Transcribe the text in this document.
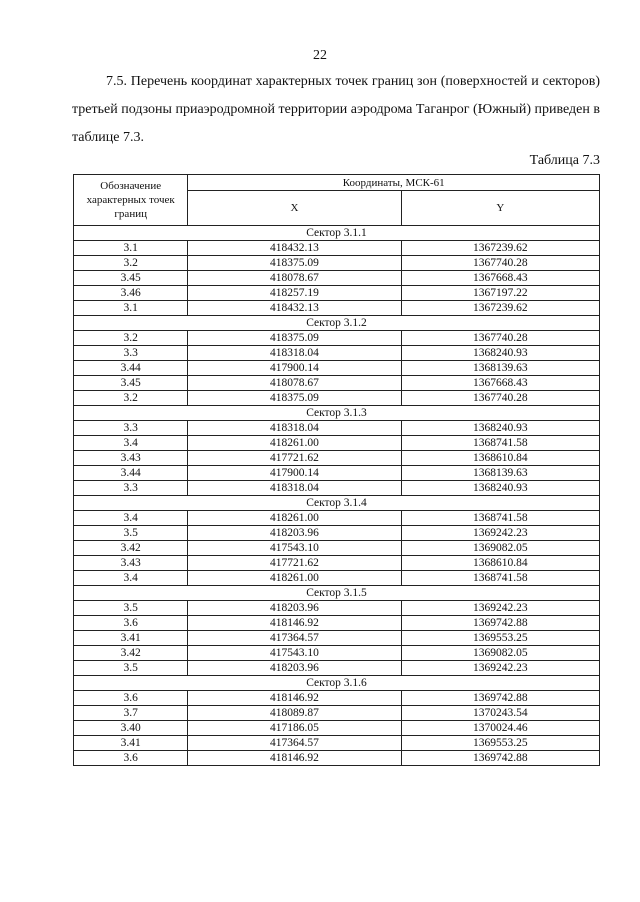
22
7.5. Перечень координат характерных точек границ зон (поверхностей и секторов) третьей подзоны приаэродромной территории аэродрома Таганрог (Южный) приведен в таблице 7.3.
Таблица 7.3
Обозначение характерных точек границ	Координаты, МСК-61	
	X	Y
Сектор 3.1.1		
3.1	418432.13	1367239.62
3.2	418375.09	1367740.28
3.45	418078.67	1367668.43
3.46	418257.19	1367197.22
3.1	418432.13	1367239.62
Сектор 3.1.2		
3.2	418375.09	1367740.28
3.3	418318.04	1368240.93
3.44	417900.14	1368139.63
3.45	418078.67	1367668.43
3.2	418375.09	1367740.28
Сектор 3.1.3		
3.3	418318.04	1368240.93
3.4	418261.00	1368741.58
3.43	417721.62	1368610.84
3.44	417900.14	1368139.63
3.3	418318.04	1368240.93
Сектор 3.1.4		
3.4	418261.00	1368741.58
3.5	418203.96	1369242.23
3.42	417543.10	1369082.05
3.43	417721.62	1368610.84
3.4	418261.00	1368741.58
Сектор 3.1.5		
3.5	418203.96	1369242.23
3.6	418146.92	1369742.88
3.41	417364.57	1369553.25
3.42	417543.10	1369082.05
3.5	418203.96	1369242.23
Сектор 3.1.6		
3.6	418146.92	1369742.88
3.7	418089.87	1370243.54
3.40	417186.05	1370024.46
3.41	417364.57	1369553.25
3.6	418146.92	1369742.88
